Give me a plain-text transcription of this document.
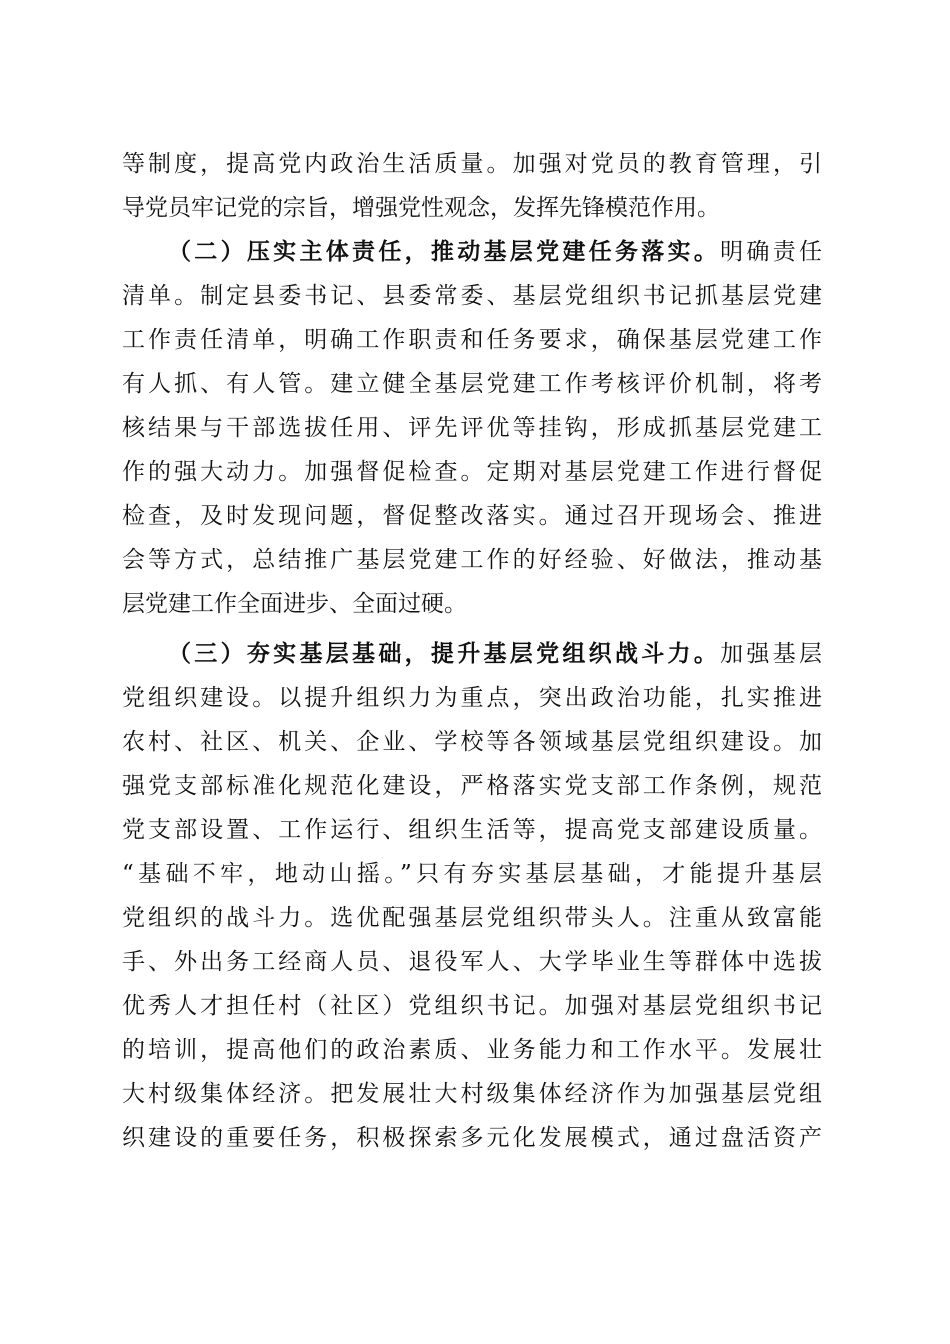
等制度，提高党内政治生活质量。加强对党员的教育管理，引
导党员牢记党的宗旨，增强党性观念，发挥先锋模范作用。
（二）压实主体责任，推动基层党建任务落实。明确责任
清单。制定县委书记、县委常委、基层党组织书记抓基层党建
工作责任清单，明确工作职责和任务要求，确保基层党建工作
有人抓、有人管。建立健全基层党建工作考核评价机制，将考
核结果与干部选拔任用、评先评优等挂钩，形成抓基层党建工
作的强大动力。加强督促检查。定期对基层党建工作进行督促
检查，及时发现问题，督促整改落实。通过召开现场会、推进
会等方式，总结推广基层党建工作的好经验、好做法，推动基
层党建工作全面进步、全面过硬。
（三）夯实基层基础，提升基层党组织战斗力。加强基层
党组织建设。以提升组织力为重点，突出政治功能，扎实推进
农村、社区、机关、企业、学校等各领域基层党组织建设。加
强党支部标准化规范化建设，严格落实党支部工作条例，规范
党支部设置、工作运行、组织生活等，提高党支部建设质量。
“基础不牢，地动山摇。”只有夯实基层基础，才能提升基层
党组织的战斗力。选优配强基层党组织带头人。注重从致富能
手、外出务工经商人员、退役军人、大学毕业生等群体中选拔
优秀人才担任村（社区）党组织书记。加强对基层党组织书记
的培训，提高他们的政治素质、业务能力和工作水平。发展壮
大村级集体经济。把发展壮大村级集体经济作为加强基层党组
织建设的重要任务，积极探索多元化发展模式，通过盘活资产
